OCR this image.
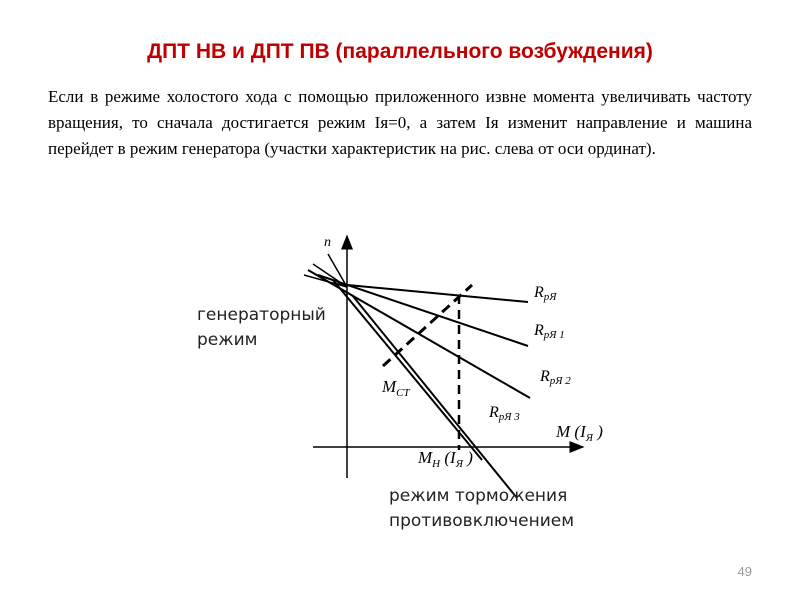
ДПТ НВ и ДПТ ПВ (параллельного возбуждения)

Если в режиме холостого хода с помощью приложенного извне момента увеличивать частоту вращения, то сначала достигается режим Iя=0, а затем Iя изменит направление и машина перейдет в режим генератора (участки характеристик на рис. слева от оси ординат).

n
M ($I_Я$ )
$M_H$ ($I_Я$ )
$M_{CT}$
RpЯ
RpЯ 1
RpЯ 2
RpЯ 3
генераторный
режим
режим торможения
противовключением
49
